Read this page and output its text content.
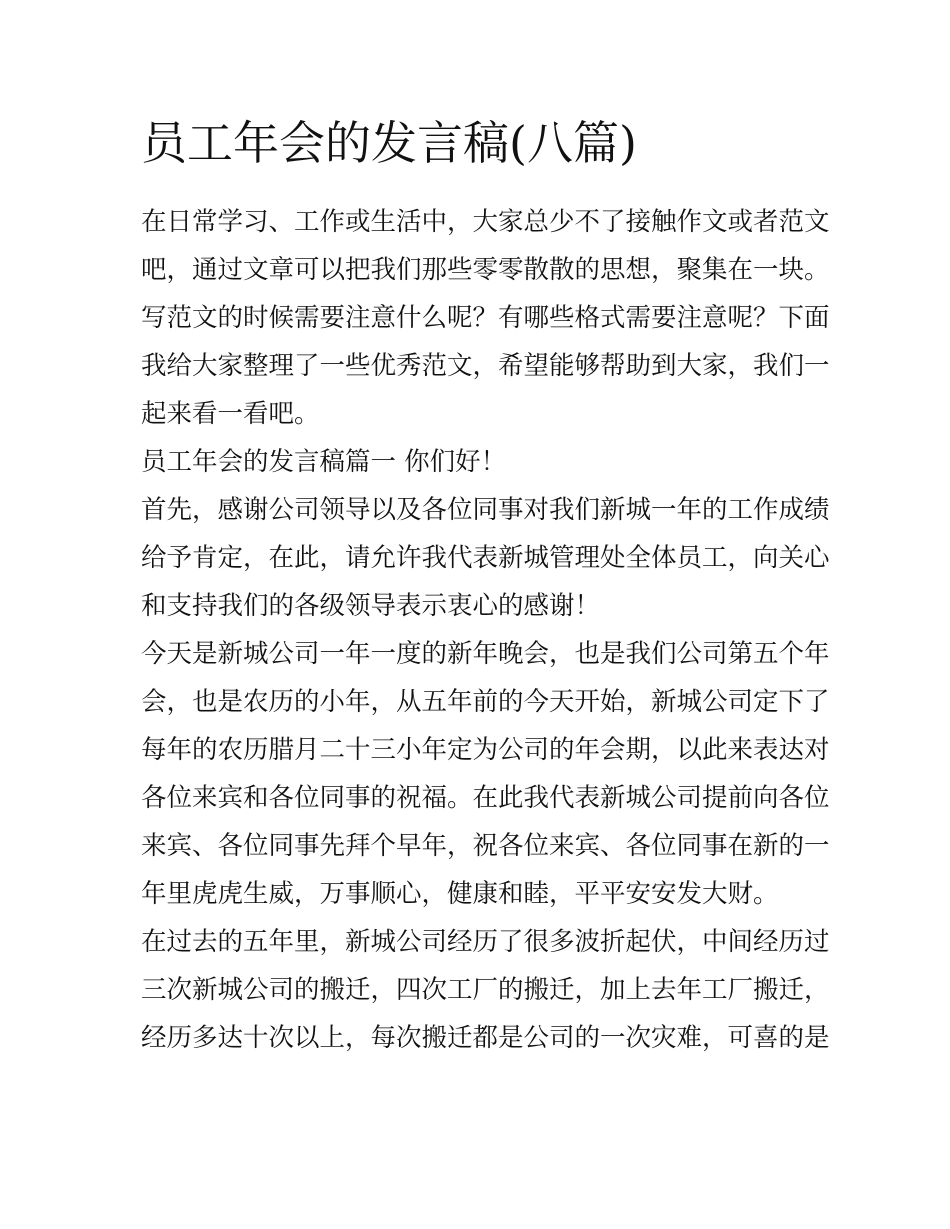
员工年会的发言稿(八篇)
在日常学习、工作或生活中，大家总少不了接触作文或者范文
吧，通过文章可以把我们那些零零散散的思想，聚集在一块。
写范文的时候需要注意什么呢？有哪些格式需要注意呢？下面
我给大家整理了一些优秀范文，希望能够帮助到大家，我们一
起来看一看吧。
员工年会的发言稿篇一 你们好！
首先，感谢公司领导以及各位同事对我们新城一年的工作成绩
给予肯定，在此，请允许我代表新城管理处全体员工，向关心
和支持我们的各级领导表示衷心的感谢！
今天是新城公司一年一度的新年晚会，也是我们公司第五个年
会，也是农历的小年，从五年前的今天开始，新城公司定下了
每年的农历腊月二十三小年定为公司的年会期，以此来表达对
各位来宾和各位同事的祝福。在此我代表新城公司提前向各位
来宾、各位同事先拜个早年，祝各位来宾、各位同事在新的一
年里虎虎生威，万事顺心，健康和睦，平平安安发大财。
在过去的五年里，新城公司经历了很多波折起伏，中间经历过
三次新城公司的搬迁，四次工厂的搬迁，加上去年工厂搬迁，
经历多达十次以上，每次搬迁都是公司的一次灾难，可喜的是
